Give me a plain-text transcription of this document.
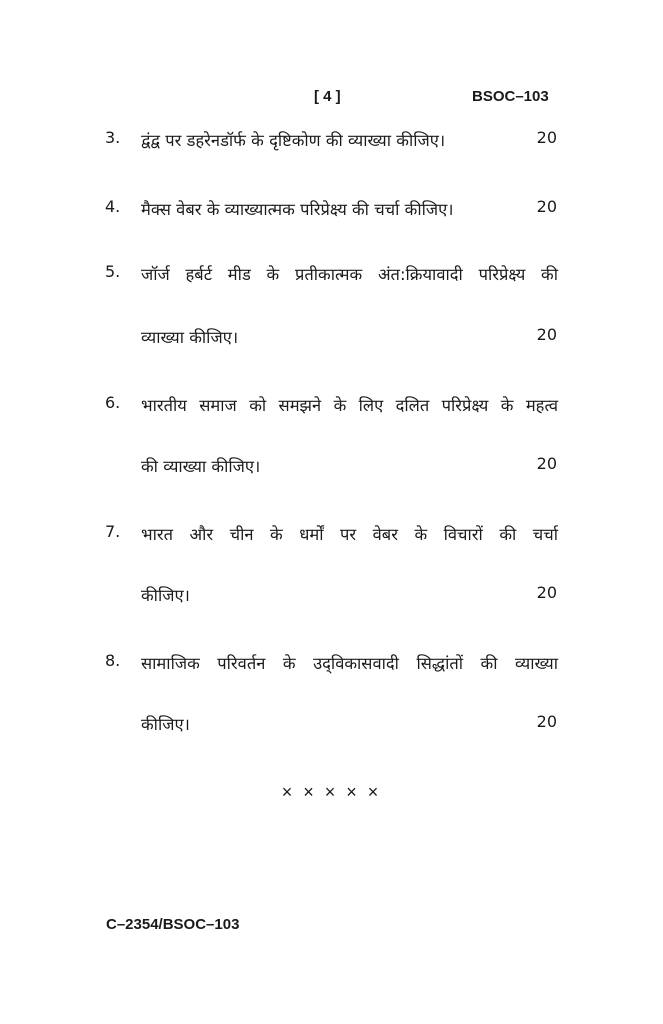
[ 4 ]	BSOC–103
3. द्वंद्व पर डहरेनडॉर्फ के दृष्टिकोण की व्याख्या कीजिए।	20
4. मैक्स वेबर के व्याख्यात्मक परिप्रेक्ष्य की चर्चा कीजिए।	20
5. जॉर्ज हर्बर्ट मीड के प्रतीकात्मक अंत:क्रियावादी परिप्रेक्ष्य की
व्याख्या कीजिए।	20
6. भारतीय समाज को समझने के लिए दलित परिप्रेक्ष्य के महत्व
की व्याख्या कीजिए।	20
7. भारत और चीन के धर्मों पर वेबर के विचारों की चर्चा
कीजिए।	20
8. सामाजिक परिवर्तन के उद्‌विकासवादी सिद्धांतों की व्याख्या
कीजिए।	20
× × × × ×
C–2354/BSOC–103
